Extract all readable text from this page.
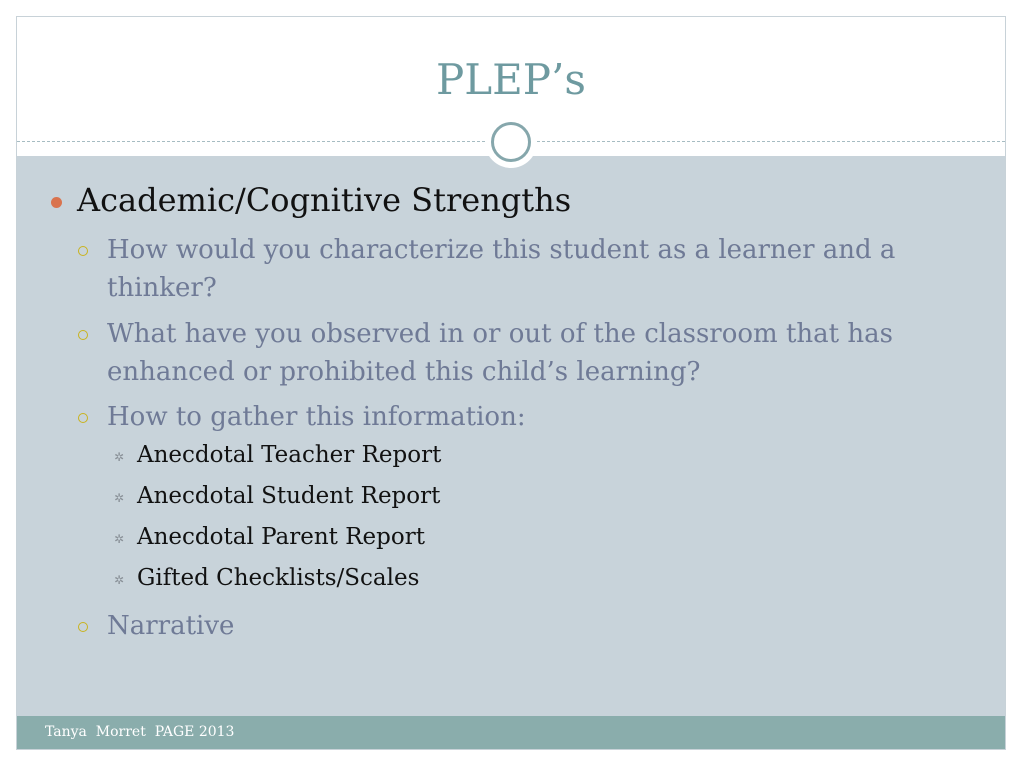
PLEP’s
Academic/Cognitive Strengths
How would you characterize this student as a learner and a thinker?
What have you observed in or out of the classroom that has enhanced or prohibited this child’s learning?
How to gather this information:
✲ Anecdotal Teacher Report
✲ Anecdotal Student Report
✲ Anecdotal Parent Report
✲ Gifted Checklists/Scales
Narrative
Tanya  Morret  PAGE 2013
